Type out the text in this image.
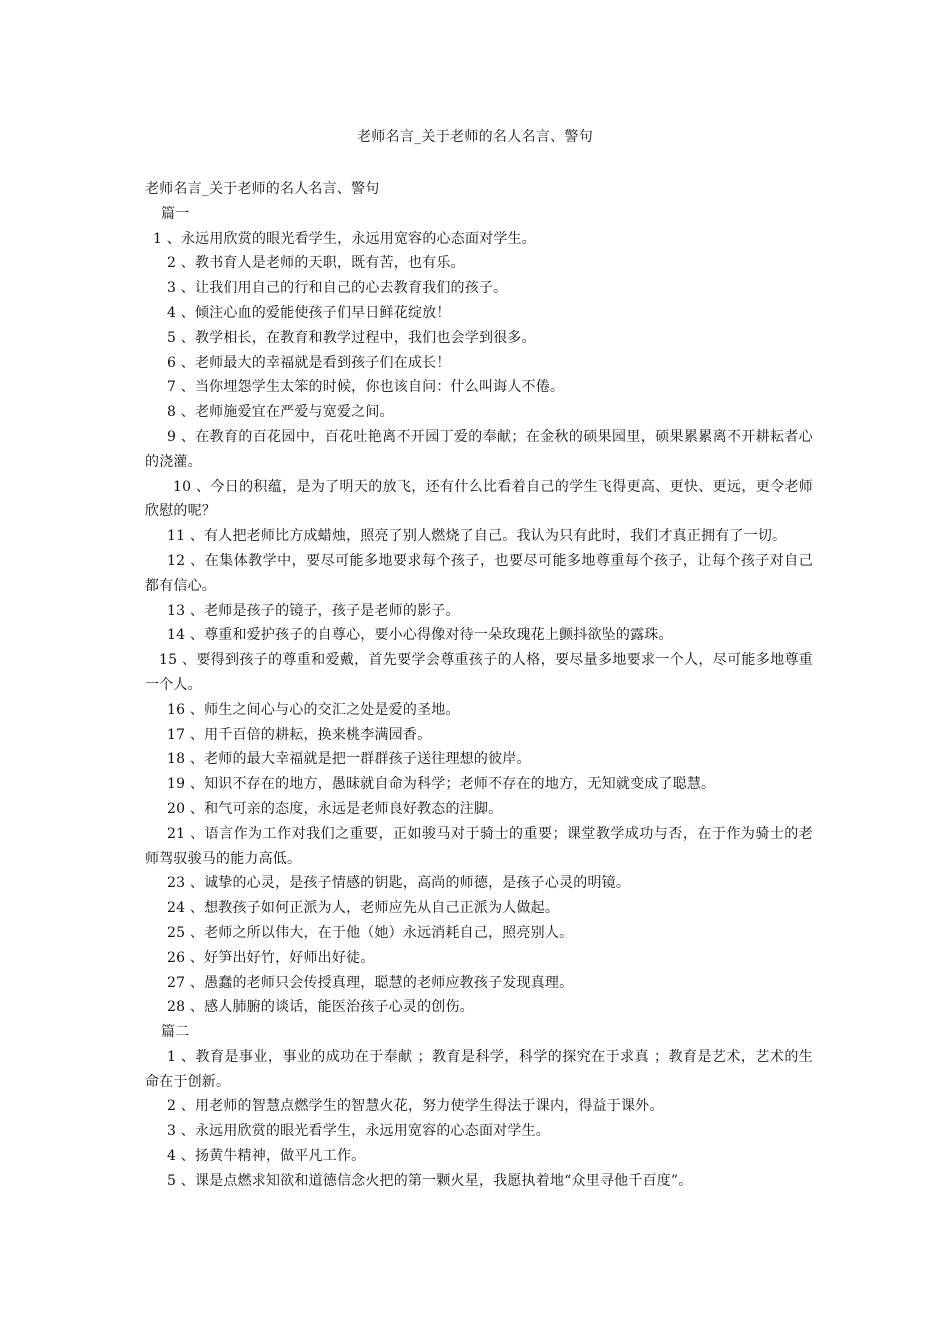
老师名言_关于老师的名人名言、警句
老师名言_关于老师的名人名言、警句
篇一
1 、永远用欣赏的眼光看学生，永远用宽容的心态面对学生。
2 、教书育人是老师的天职，既有苦，也有乐。
3 、让我们用自己的行和自己的心去教育我们的孩子。
4 、倾注心血的爱能使孩子们早日鲜花绽放！
5 、教学相长，在教育和教学过程中，我们也会学到很多。
6 、老师最大的幸福就是看到孩子们在成长！
7 、当你埋怨学生太笨的时候，你也该自问：什么叫诲人不倦。
8 、老师施爱宜在严爱与宽爱之间。
9 、在教育的百花园中，百花吐艳离不开园丁爱的奉献；在金秋的硕果园里，硕果累累离不开耕耘者心的浇灌。
10 、今日的积蕴，是为了明天的放飞，还有什么比看着自己的学生飞得更高、更快、更远，更令老师欣慰的呢？
11 、有人把老师比方成蜡烛，照亮了别人燃烧了自己。我认为只有此时，我们才真正拥有了一切。
12 、在集体教学中，要尽可能多地要求每个孩子，也要尽可能多地尊重每个孩子，让每个孩子对自己都有信心。
13 、老师是孩子的镜子，孩子是老师的影子。
14 、尊重和爱护孩子的自尊心，要小心得像对待一朵玫瑰花上颤抖欲坠的露珠。
15 、要得到孩子的尊重和爱戴，首先要学会尊重孩子的人格，要尽量多地要求一个人，尽可能多地尊重一个人。
16 、师生之间心与心的交汇之处是爱的圣地。
17 、用千百倍的耕耘，换来桃李满园香。
18 、老师的最大幸福就是把一群群孩子送往理想的彼岸。
19 、知识不存在的地方，愚昧就自命为科学；老师不存在的地方，无知就变成了聪慧。
20 、和气可亲的态度，永远是老师良好教态的注脚。
21 、语言作为工作对我们之重要，正如骏马对于骑士的重要；课堂教学成功与否，在于作为骑士的老师驾驭骏马的能力高低。
23 、诚挚的心灵，是孩子情感的钥匙，高尚的师德，是孩子心灵的明镜。
24 、想教孩子如何正派为人，老师应先从自己正派为人做起。
25 、老师之所以伟大，在于他（她）永远消耗自己，照亮别人。
26 、好笋出好竹，好师出好徒。
27 、愚蠢的老师只会传授真理，聪慧的老师应教孩子发现真理。
28 、感人肺腑的谈话，能医治孩子心灵的创伤。
篇二
1 、教育是事业，事业的成功在于奉献 ；教育是科学，科学的探究在于求真 ；教育是艺术，艺术的生命在于创新。
2 、用老师的智慧点燃学生的智慧火花，努力使学生得法于课内，得益于课外。
3 、永远用欣赏的眼光看学生，永远用宽容的心态面对学生。
4 、扬黄牛精神，做平凡工作。
5 、课是点燃求知欲和道德信念火把的第一颗火星，我愿执着地“众里寻他千百度”。
